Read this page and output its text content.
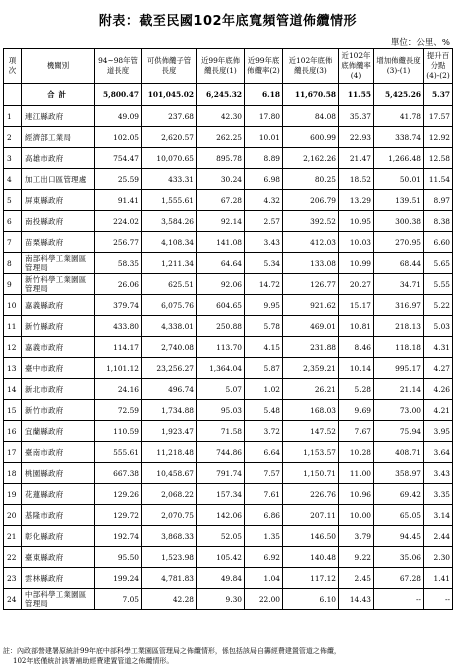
附表：截至民國102年底寬頻管道佈纜情形
單位：公里、%
項次	機關別	94~98年管道長度	可供佈纜子管長度	近99年底佈纜長度(1)	近99年底佈纜率(2)	近102年底佈纜長度(3)	近102年底佈纜率(4)	增加佈纜長度(3)-(1)	提升百分點(4)-(2)
	合計	5,800.47	101,045.02	6,245.32	6.18	11,670.58	11.55	5,425.26	5.37
1	連江縣政府	49.09	237.68	42.30	17.80	84.08	35.37	41.78	17.57
2	經濟部工業局	102.05	2,620.57	262.25	10.01	600.99	22.93	338.74	12.92
3	高雄市政府	754.47	10,070.65	895.78	8.89	2,162.26	21.47	1,266.48	12.58
4	加工出口區管理處	25.59	433.31	30.24	6.98	80.25	18.52	50.01	11.54
5	屏東縣政府	91.41	1,555.61	67.28	4.32	206.79	13.29	139.51	8.97
6	南投縣政府	224.02	3,584.26	92.14	2.57	392.52	10.95	300.38	8.38
7	苗栗縣政府	256.77	4,108.34	141.08	3.43	412.03	10.03	270.95	6.60
8	南部科學工業園區管理局	58.35	1,211.34	64.64	5.34	133.08	10.99	68.44	5.65
9	新竹科學工業園區管理局	26.06	625.51	92.06	14.72	126.77	20.27	34.71	5.55
10	嘉義縣政府	379.74	6,075.76	604.65	9.95	921.62	15.17	316.97	5.22
11	新竹縣政府	433.80	4,338.01	250.88	5.78	469.01	10.81	218.13	5.03
12	嘉義市政府	114.17	2,740.08	113.70	4.15	231.88	8.46	118.18	4.31
13	臺中市政府	1,101.12	23,256.27	1,364.04	5.87	2,359.21	10.14	995.17	4.27
14	新北市政府	24.16	496.74	5.07	1.02	26.21	5.28	21.14	4.26
15	新竹市政府	72.59	1,734.88	95.03	5.48	168.03	9.69	73.00	4.21
16	宜蘭縣政府	110.59	1,923.47	71.58	3.72	147.52	7.67	75.94	3.95
17	臺南市政府	555.61	11,218.48	744.86	6.64	1,153.57	10.28	408.71	3.64
18	桃園縣政府	667.38	10,458.67	791.74	7.57	1,150.71	11.00	358.97	3.43
19	花蓮縣政府	129.26	2,068.22	157.34	7.61	226.76	10.96	69.42	3.35
20	基隆市政府	129.72	2,070.75	142.06	6.86	207.11	10.00	65.05	3.14
21	彰化縣政府	192.74	3,868.33	52.05	1.35	146.50	3.79	94.45	2.44
22	臺東縣政府	95.50	1,523.98	105.42	6.92	140.48	9.22	35.06	2.30
23	雲林縣政府	199.24	4,781.83	49.84	1.04	117.12	2.45	67.28	1.41
24	中部科學工業園區管理局	7.05	42.28	9.30	22.00	6.10	14.43	--	--
註：內政部營建署原統計99年底中部科學工業園區管理局之佈纜情形，係包括該局自籌經費建置管道之佈纜，
102年底僅統計該署補助經費建置管道之佈纜情形。
